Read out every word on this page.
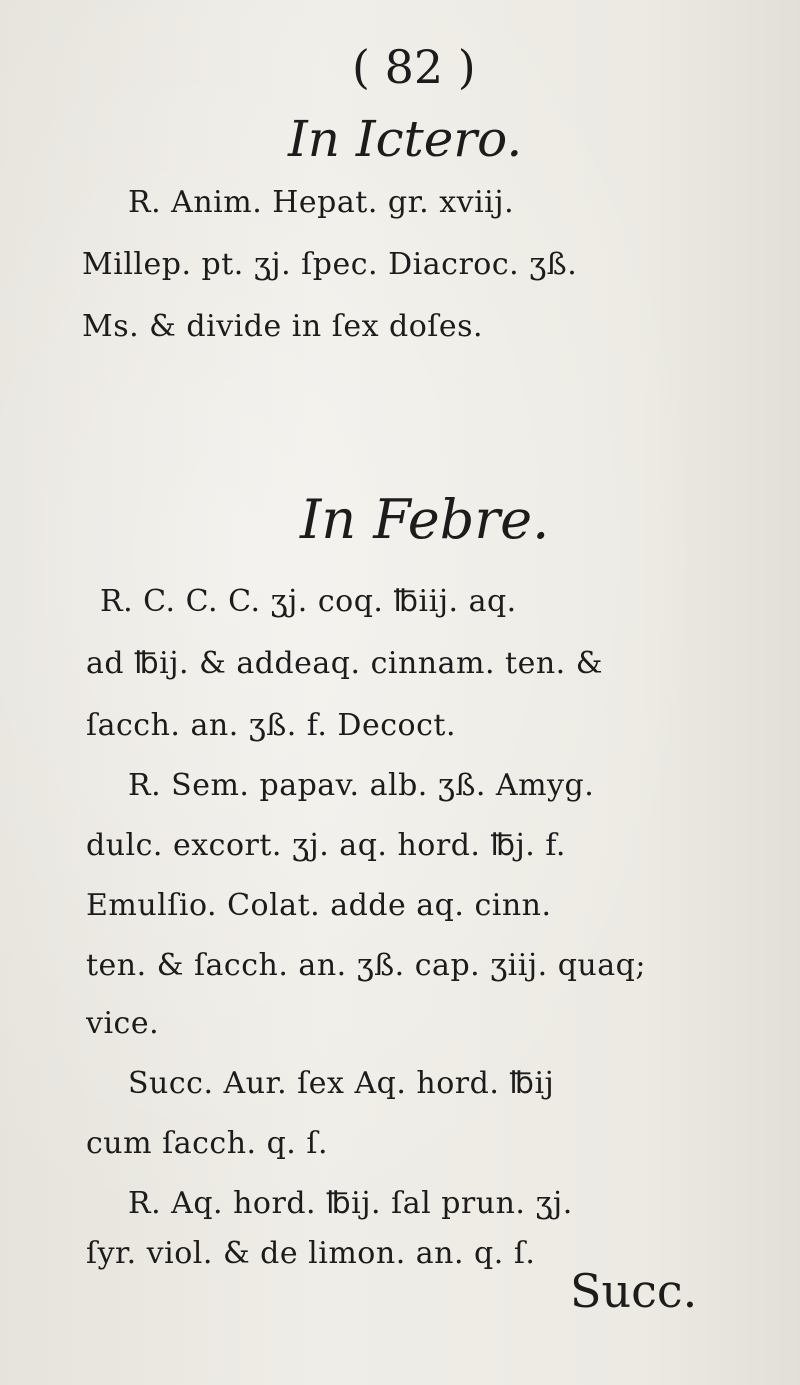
( 82 )
In Ictero.
R. Anim. Hepat. gr. xviij.
Millep. pt. ʒj. ſpec. Diacroc. ʒß.
Ms. & divide in ſex doſes.
In Febre.
R. C. C. C. ʒj. coq. ℔iij. aq.
ad ℔ij. & addeaq. cinnam. ten. &
ſacch. an. ʒß. f. Decoct.
R. Sem. papav. alb. ʒß. Amyg.
dulc. excort. ʒj. aq. hord. ℔j. f.
Emulſio. Colat. adde aq. cinn.
ten. & ſacch. an. ʒß. cap. ʒiij. quaq;
vice.
Succ. Aur. ſex Aq. hord. ℔ij
cum ſacch. q. ſ.
R. Aq. hord. ℔ij. ſal prun. ʒj.
ſyr. viol. & de limon. an. q. ſ.
Succ.
